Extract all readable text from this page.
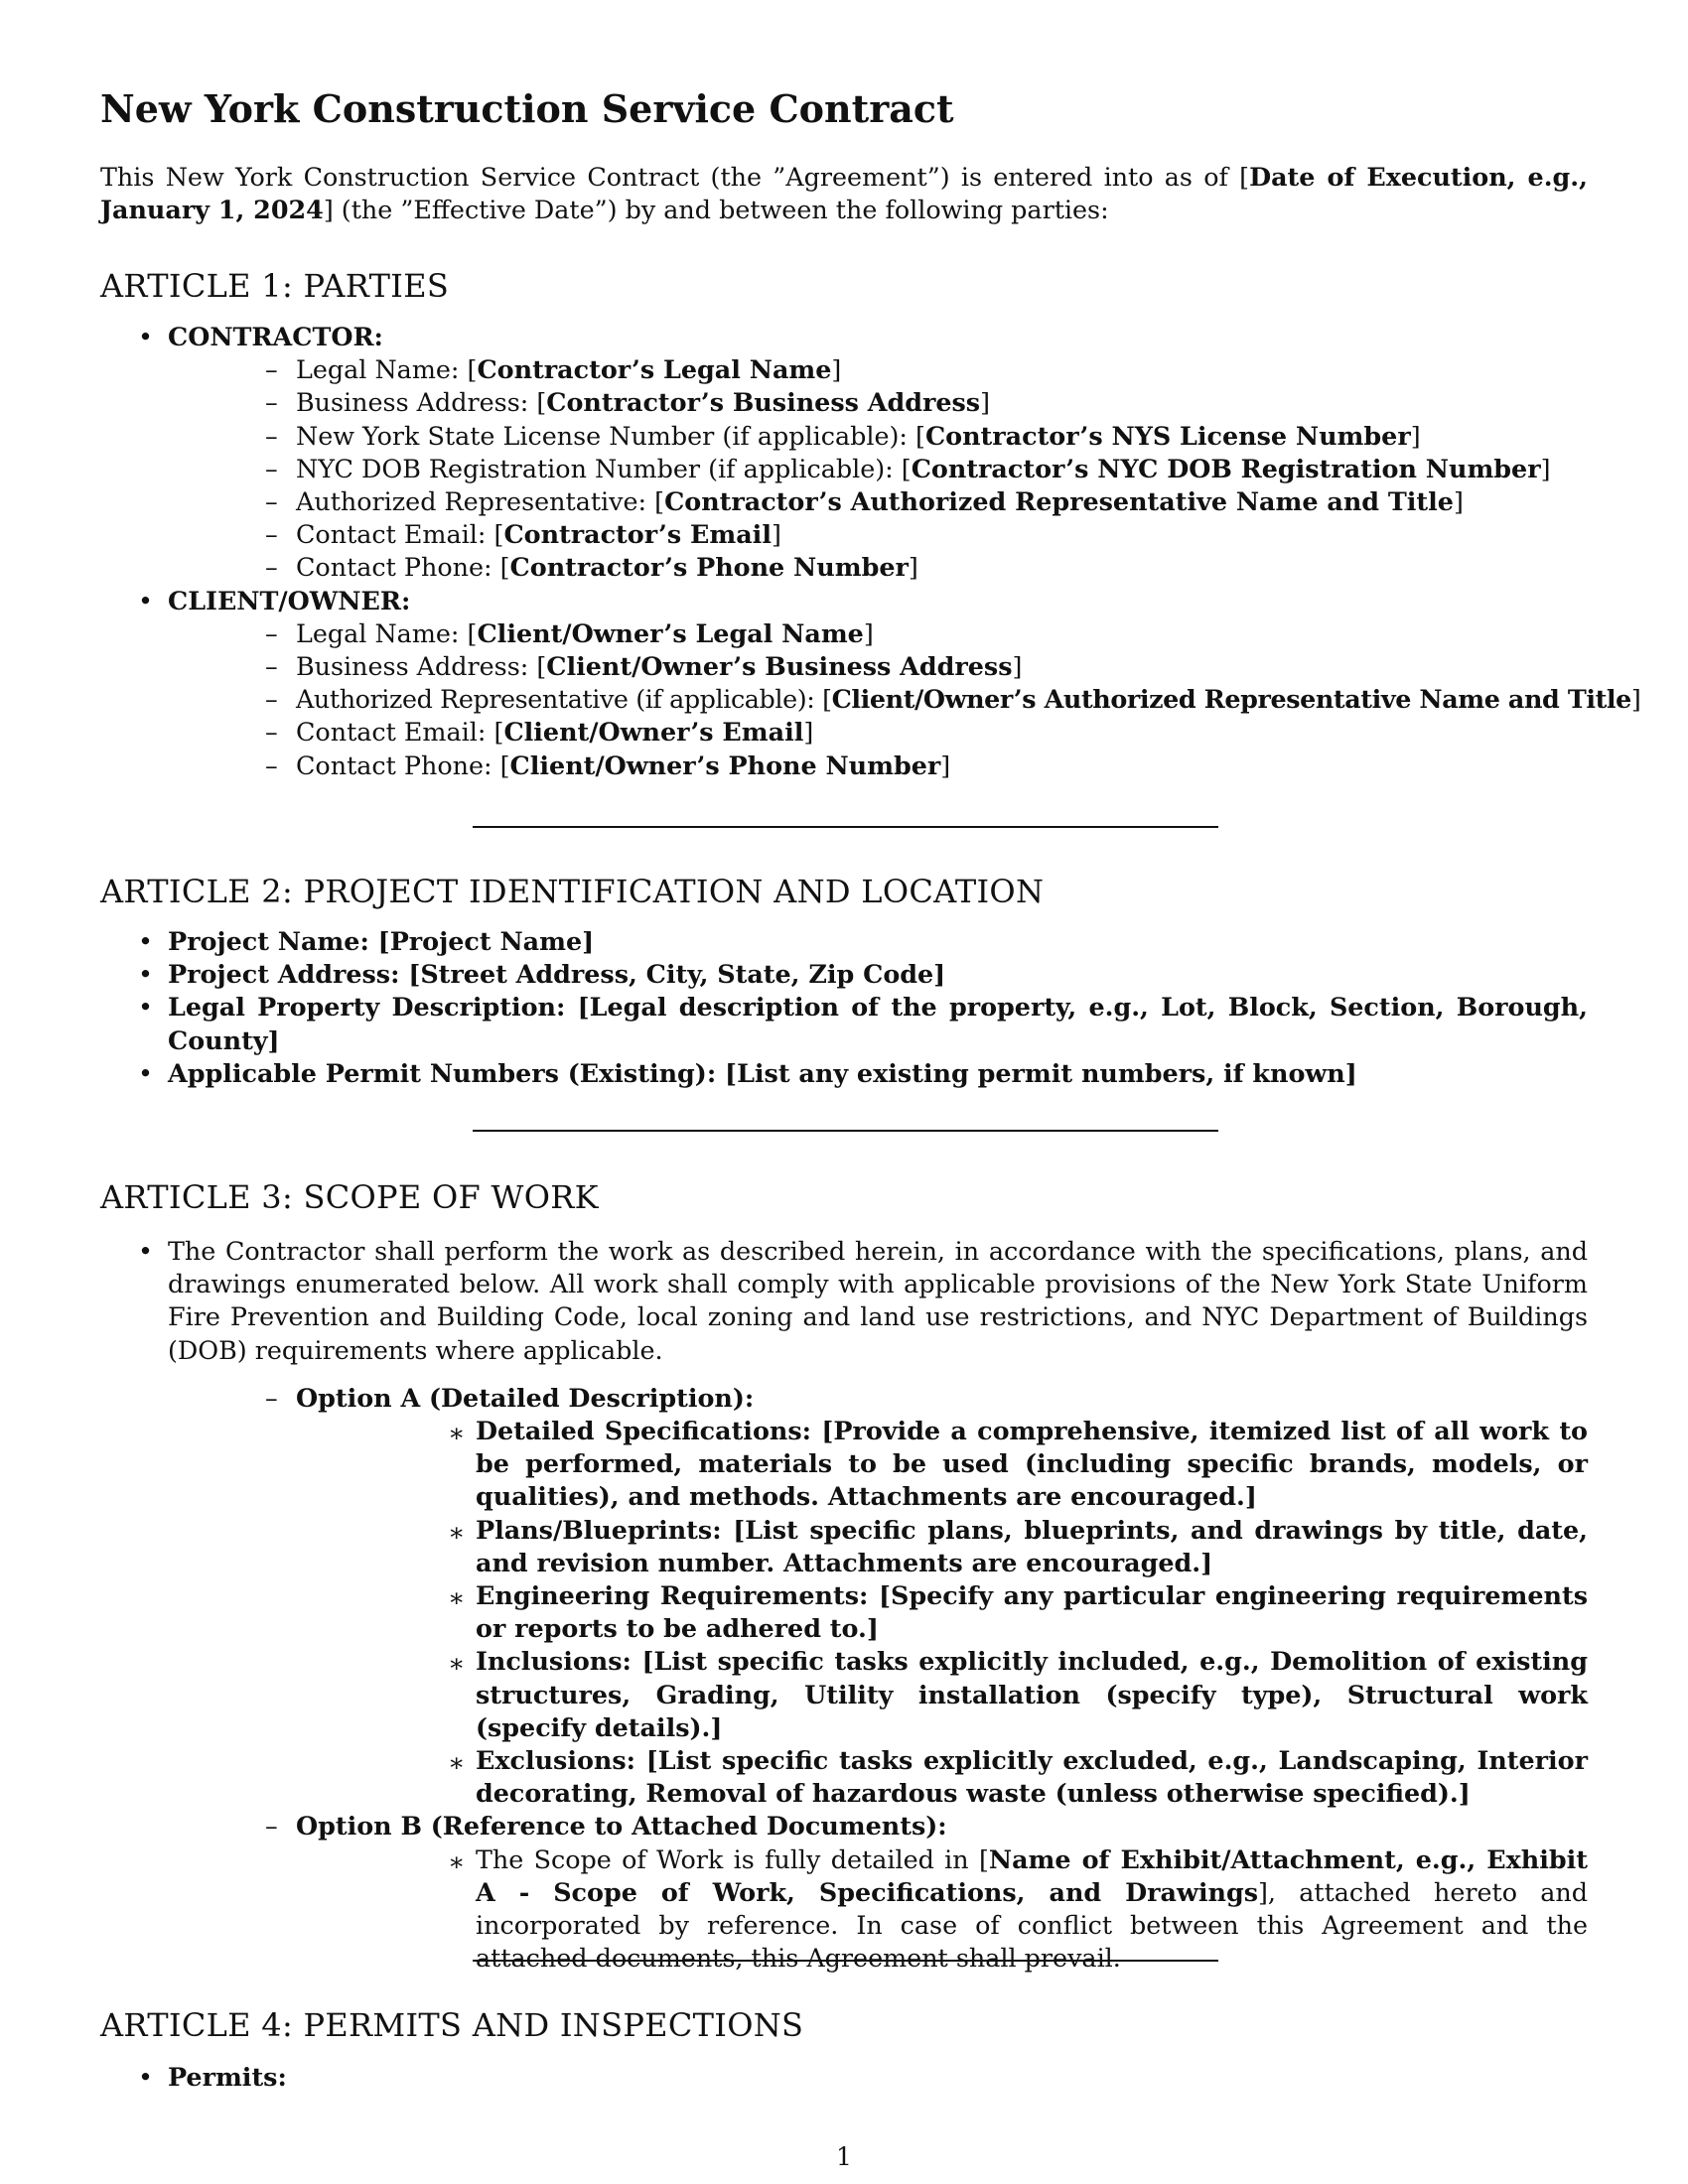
New York Construction Service Contract

This New York Construction Service Contract (the ”Agreement”) is entered into as of [Date of Execution, e.g., January 1, 2024] (the ”Effective Date”) by and between the following parties:

ARTICLE 1: PARTIES
• CONTRACTOR:
– Legal Name: [Contractor’s Legal Name]
– Business Address: [Contractor’s Business Address]
– New York State License Number (if applicable): [Contractor’s NYS License Number]
– NYC DOB Registration Number (if applicable): [Contractor’s NYC DOB Registration Number]
– Authorized Representative: [Contractor’s Authorized Representative Name and Title]
– Contact Email: [Contractor’s Email]
– Contact Phone: [Contractor’s Phone Number]
• CLIENT/OWNER:
– Legal Name: [Client/Owner’s Legal Name]
– Business Address: [Client/Owner’s Business Address]
– Authorized Representative (if applicable): [Client/Owner’s Authorized Representative Name and Title]
– Contact Email: [Client/Owner’s Email]
– Contact Phone: [Client/Owner’s Phone Number]
ARTICLE 2: PROJECT IDENTIFICATION AND LOCATION
• Project Name: [Project Name]
• Project Address: [Street Address, City, State, Zip Code]
• Legal Property Description: [Legal description of the property, e.g., Lot, Block, Section, Borough, County]
• Applicable Permit Numbers (Existing): [List any existing permit numbers, if known]
ARTICLE 3: SCOPE OF WORK
• The Contractor shall perform the work as described herein, in accordance with the specifications, plans, and drawings enumerated below. All work shall comply with applicable provisions of the New York State Uniform Fire Prevention and Building Code, local zoning and land use restrictions, and NYC Department of Buildings (DOB) requirements where applicable.
– Option A (Detailed Description):
∗ Detailed Specifications: [Provide a comprehensive, itemized list of all work to be performed, materials to be used (including specific brands, models, or qualities), and methods. Attachments are encouraged.]
∗ Plans/Blueprints: [List specific plans, blueprints, and drawings by title, date, and revision number. Attachments are encouraged.]
∗ Engineering Requirements: [Specify any particular engineering requirements or reports to be adhered to.]
∗ Inclusions: [List specific tasks explicitly included, e.g., Demolition of existing structures, Grading, Utility installation (specify type), Structural work (specify details).]
∗ Exclusions: [List specific tasks explicitly excluded, e.g., Landscaping, Interior decorating, Removal of hazardous waste (unless otherwise specified).]
– Option B (Reference to Attached Documents):
∗ The Scope of Work is fully detailed in [Name of Exhibit/Attachment, e.g., Exhibit A - Scope of Work, Specifications, and Drawings], attached hereto and incorporated by reference. In case of conflict between this Agreement and the attached documents, this Agreement shall prevail.
ARTICLE 4: PERMITS AND INSPECTIONS
• Permits:
1
